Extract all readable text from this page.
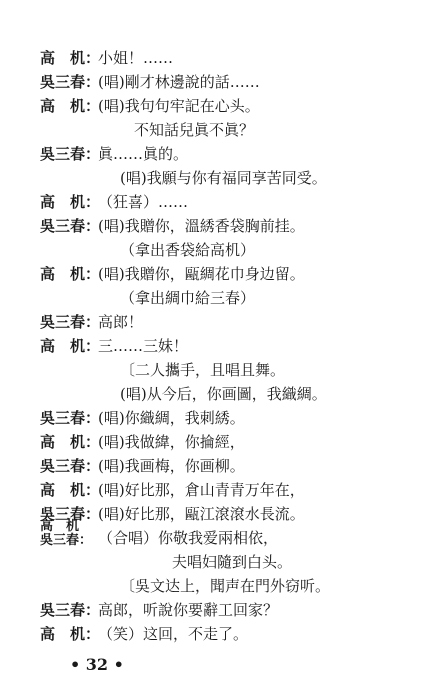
高　机：
小姐！……
吳三春：
(唱)剛才林邊說的話……
高　机：
(唱)我句句牢記在心头。
不知話兒眞不眞？
吳三春：
眞……眞的。
(唱)我願与你有福同享苦同受。
高　机：
（狂喜）……
吳三春：
(唱)我贈你，溫綉香袋胸前挂。
（拿出香袋給高机）
高　机：
(唱)我贈你，甌綢花巾身边留。
（拿出綢巾給三春）
吳三春：
高郎！
高　机：
三……三妹！
〔二人攜手，且唱且舞。
(唱)从今后，你画圖，我織綢。
吳三春：
(唱)你織綢，我刺綉。
高　机：
(唱)我做緯，你掄經，
吳三春：
(唱)我画梅，你画柳。
高　机：
(唱)好比那，倉山青青万年在，
吳三春：
(唱)好比那，甌江滾滾水長流。
高　机
吳三春： （合唱）你敬我爱兩相依，
夫唱妇隨到白头。
〔吳文达上，聞声在門外窃听。
吳三春：
高郎，听說你要辭工回家？
高　机：
（笑）这回，不走了。
• 32 •
